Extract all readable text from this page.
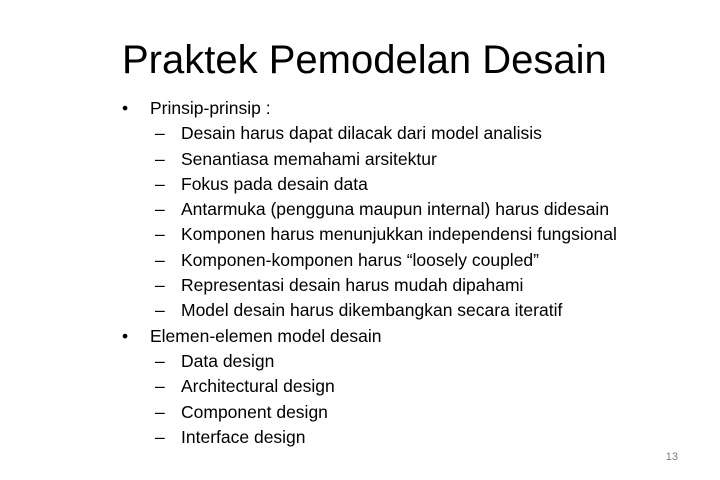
Praktek Pemodelan Desain
•	Prinsip-prinsip :
– Desain harus dapat dilacak dari model analisis
– Senantiasa memahami arsitektur
– Fokus pada desain data
– Antarmuka (pengguna maupun internal) harus didesain
– Komponen harus menunjukkan independensi fungsional
– Komponen-komponen harus “loosely coupled”
– Representasi desain harus mudah dipahami
– Model desain harus dikembangkan secara iteratif
•	Elemen-elemen model desain
– Data design
– Architectural design
– Component design
– Interface design
13
